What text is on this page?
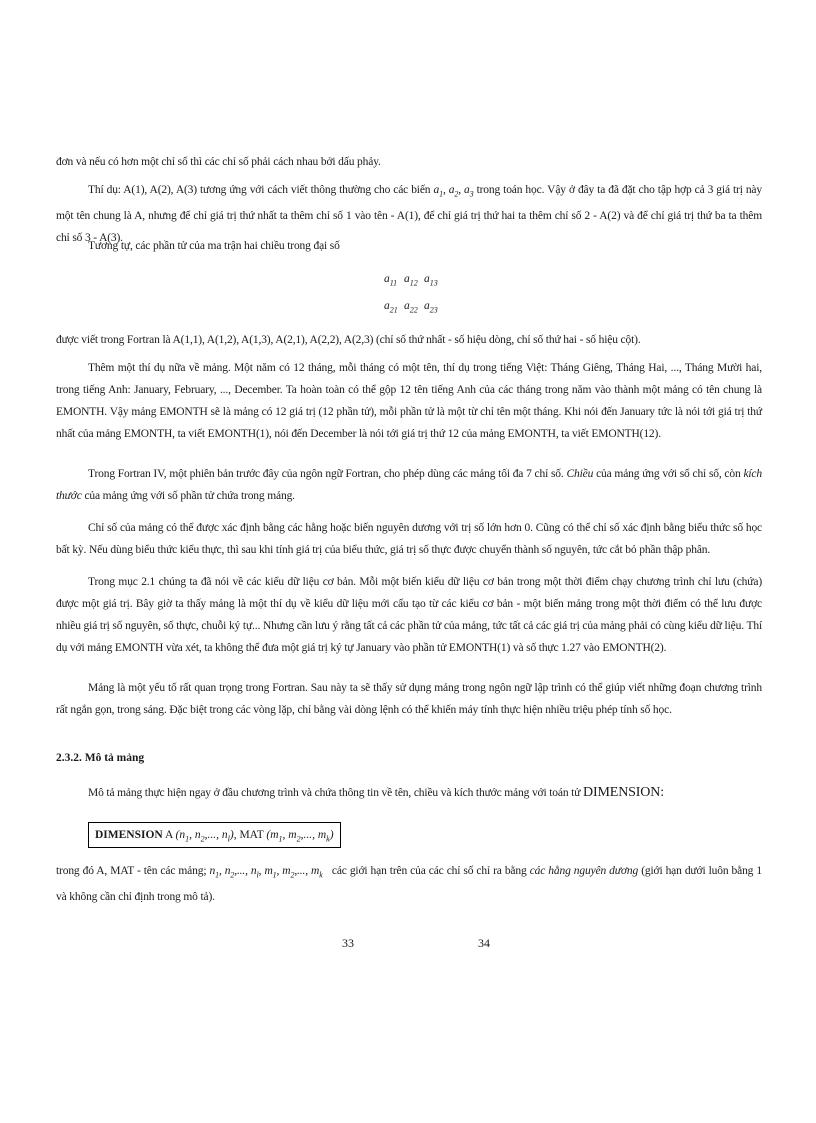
đơn và nếu có hơn một chỉ số thì các chỉ số phải cách nhau bởi dấu phảy.
Thí dụ: A(1), A(2), A(3) tương ứng với cách viết thông thường cho các biến $a_1$, $a_2$, $a_3$ trong toán học. Vậy ở đây ta đã đặt cho tập hợp cả 3 giá trị này một tên chung là A, nhưng để chỉ giá trị thứ nhất ta thêm chỉ số 1 vào tên - A(1), để chỉ giá trị thứ hai ta thêm chỉ số 2 - A(2) và để chỉ giá trị thứ ba ta thêm chỉ số 3 - A(3).
Tương tự, các phần tử của ma trận hai chiều trong đại số
$a_{11}$ $a_{12}$ $a_{13}$
$a_{21}$ $a_{22}$ $a_{23}$
được viết trong Fortran là A(1,1), A(1,2), A(1,3), A(2,1), A(2,2), A(2,3) (chỉ số thứ nhất - số hiệu dòng, chỉ số thứ hai - số hiệu cột).
Thêm một thí dụ nữa về mảng. Một năm có 12 tháng, mỗi tháng có một tên, thí dụ trong tiếng Việt: Tháng Giêng, Tháng Hai, ..., Tháng Mười hai, trong tiếng Anh: January, February, ..., December. Ta hoàn toàn có thể gộp 12 tên tiếng Anh của các tháng trong năm vào thành một mảng có tên chung là EMONTH. Vậy mảng EMONTH sẽ là mảng có 12 giá trị (12 phần tử), mỗi phần tử là một từ chỉ tên một tháng. Khi nói đến January tức là nói tới giá trị thứ nhất của mảng EMONTH, ta viết EMONTH(1), nói đến December là nói tới giá trị thứ 12 của mảng EMONTH, ta viết EMONTH(12).
Trong Fortran IV, một phiên bản trước đây của ngôn ngữ Fortran, cho phép dùng các mảng tối đa 7 chỉ số. Chiều của mảng ứng với số chỉ số, còn kích thước của mảng ứng với số phần tử chứa trong mảng.
Chỉ số của mảng có thể được xác định bằng các hằng hoặc biến nguyên dương với trị số lớn hơn 0. Cũng có thể chỉ số xác định bằng biểu thức số học bất kỳ. Nếu dùng biểu thức kiểu thực, thì sau khi tính giá trị của biểu thức, giá trị số thực được chuyển thành số nguyên, tức cắt bỏ phần thập phân.
Trong mục 2.1 chúng ta đã nói về các kiểu dữ liệu cơ bản. Mỗi một biến kiểu dữ liệu cơ bản trong một thời điểm chạy chương trình chỉ lưu (chứa) được một giá trị. Bây giờ ta thấy mảng là một thí dụ về kiểu dữ liệu mới cấu tạo từ các kiểu cơ bản - một biến mảng trong một thời điểm có thể lưu được nhiều giá trị số nguyên, số thực, chuỗi ký tự... Nhưng cần lưu ý rằng tất cả các phần tử của mảng, tức tất cả các giá trị của mảng phải có cùng kiểu dữ liệu. Thí dụ với mảng EMONTH vừa xét, ta không thể đưa một giá trị ký tự January vào phần tử EMONTH(1) và số thực 1.27 vào EMONTH(2).
Mảng là một yếu tố rất quan trọng trong Fortran. Sau này ta sẽ thấy sử dụng mảng trong ngôn ngữ lập trình có thể giúp viết những đoạn chương trình rất ngắn gọn, trong sáng. Đặc biệt trong các vòng lặp, chỉ bằng vài dòng lệnh có thể khiến máy tính thực hiện nhiều triệu phép tính số học.
2.3.2. Mô tả mảng
Mô tả mảng thực hiện ngay ở đầu chương trình và chứa thông tin về tên, chiều và kích thước mảng với toán tử DIMENSION:
DIMENSION A ($n_1$, $n_2$,..., $n_l$), MAT ($m_1$, $m_2$,..., $m_k$)
trong đó A, MAT - tên các mảng; $n_1$, $n_2$,..., $n_l$, $m_1$, $m_2$,..., $m_k$ các giới hạn trên của các chỉ số chỉ ra bằng các hằng nguyên dương (giới hạn dưới luôn bằng 1 và không cần chỉ định trong mô tả).
33	34
